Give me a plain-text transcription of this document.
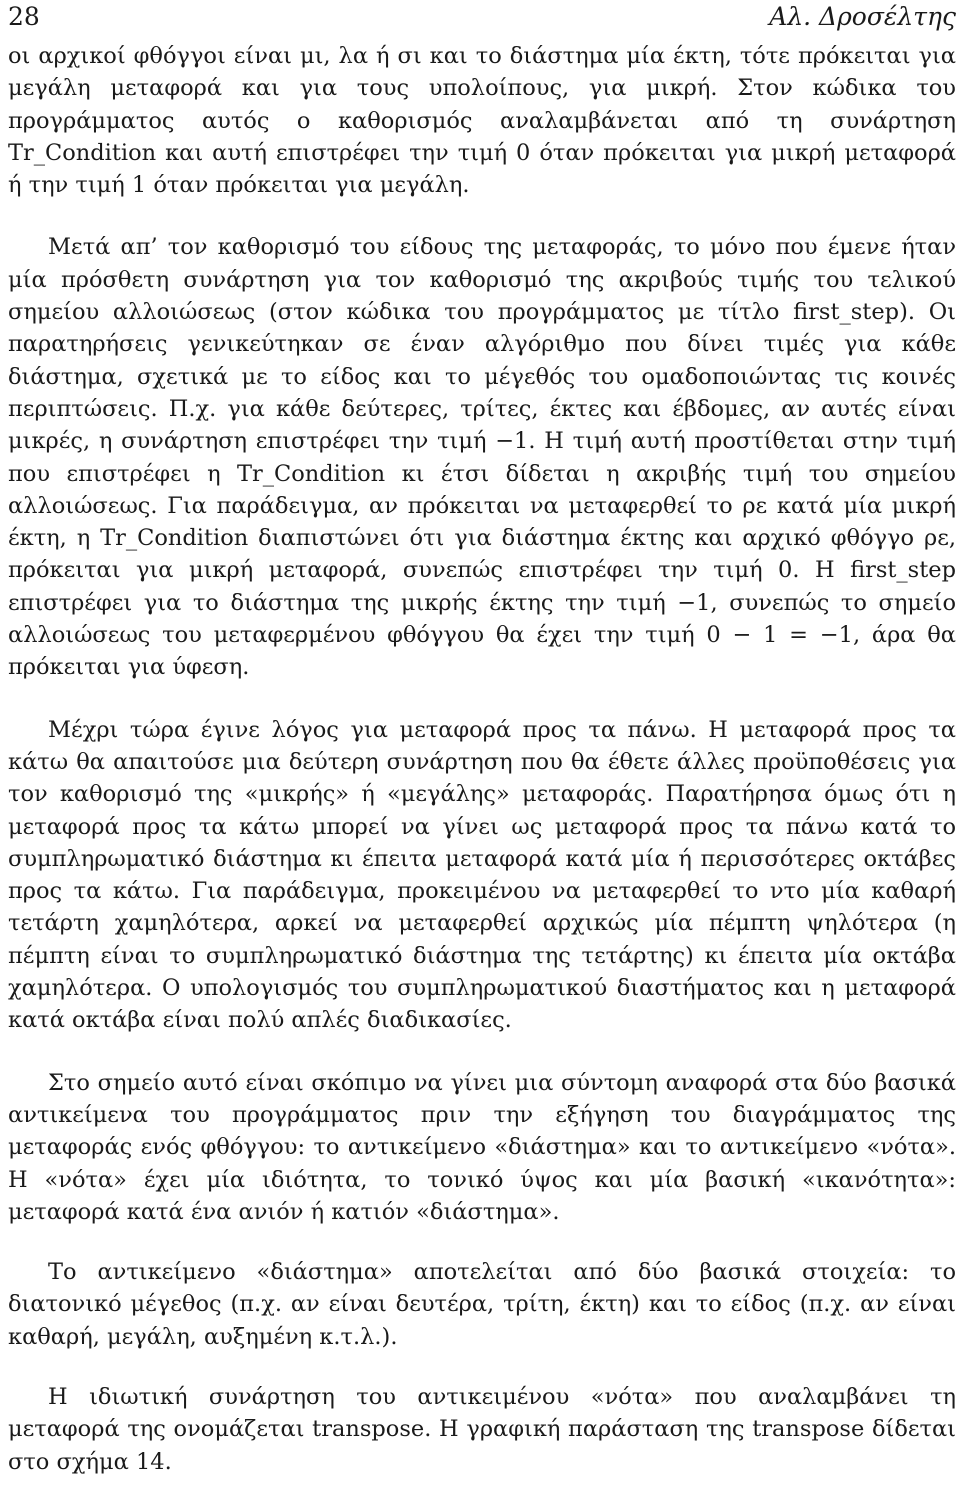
28	Αλ. Δροσέλτης

οι αρχικοί φθόγγοι είναι μι, λα ή σι και το διάστημα μία έκτη, τότε πρόκειται για μεγάλη μεταφορά και για τους υπολοίπους, για μικρή. Στον κώδικα του προγράμματος αυτός ο καθορισμός αναλαμβάνεται από τη συνάρτηση Tr_Condition και αυτή επιστρέφει την τιμή 0 όταν πρόκειται για μικρή μεταφορά ή την τιμή 1 όταν πρόκειται για μεγάλη.

Μετά απ’ τον καθορισμό του είδους της μεταφοράς, το μόνο που έμενε ήταν μία πρόσθετη συνάρτηση για τον καθορισμό της ακριβούς τιμής του τελικού σημείου αλλοιώσεως (στον κώδικα του προγράμματος με τίτλο first_step). Οι παρατηρήσεις γενικεύτηκαν σε έναν αλγόριθμο που δίνει τιμές για κάθε διάστημα, σχετικά με το είδος και το μέγεθός του ομαδοποιώντας τις κοινές περιπτώσεις. Π.χ. για κάθε δεύτερες, τρίτες, έκτες και έβδομες, αν αυτές είναι μικρές, η συνάρτηση επιστρέφει την τιμή −1. Η τιμή αυτή προστίθεται στην τιμή που επιστρέφει η Tr_Condition κι έτσι δίδεται η ακριβής τιμή του σημείου αλλοιώσεως. Για παράδειγμα, αν πρόκειται να μεταφερθεί το ρε κατά μία μικρή έκτη, η Tr_Condition διαπιστώνει ότι για διάστημα έκτης και αρχικό φθόγγο ρε, πρόκειται για μικρή μεταφορά, συνεπώς επιστρέφει την τιμή 0. Η first_step επιστρέφει για το διάστημα της μικρής έκτης την τιμή −1, συνεπώς το σημείο αλλοιώσεως του μεταφερμένου φθόγγου θα έχει την τιμή 0 − 1 = −1, άρα θα πρόκειται για ύφεση.

Μέχρι τώρα έγινε λόγος για μεταφορά προς τα πάνω. Η μεταφορά προς τα κάτω θα απαιτούσε μια δεύτερη συνάρτηση που θα έθετε άλλες προϋποθέσεις για τον καθορισμό της «μικρής» ή «μεγάλης» μεταφοράς. Παρατήρησα όμως ότι η μεταφορά προς τα κάτω μπορεί να γίνει ως μεταφορά προς τα πάνω κατά το συμπληρωματικό διάστημα κι έπειτα μεταφορά κατά μία ή περισσότερες οκτάβες προς τα κάτω. Για παράδειγμα, προκειμένου να μεταφερθεί το ντο μία καθαρή τετάρτη χαμηλότερα, αρκεί να μεταφερθεί αρχικώς μία πέμπτη ψηλότερα (η πέμπτη είναι το συμπληρωματικό διάστημα της τετάρτης) κι έπειτα μία οκτάβα χαμηλότερα. Ο υπολογισμός του συμπληρωματικού διαστήματος και η μεταφορά κατά οκτάβα είναι πολύ απλές διαδικασίες.

Στο σημείο αυτό είναι σκόπιμο να γίνει μια σύντομη αναφορά στα δύο βασικά αντικείμενα του προγράμματος πριν την εξήγηση του διαγράμματος της μεταφοράς ενός φθόγγου: το αντικείμενο «διάστημα» και το αντικείμενο «νότα». Η «νότα» έχει μία ιδιότητα, το τονικό ύψος και μία βασική «ικανότητα»: μεταφορά κατά ένα ανιόν ή κατιόν «διάστημα».

Το αντικείμενο «διάστημα» αποτελείται από δύο βασικά στοιχεία: το διατονικό μέγεθος (π.χ. αν είναι δευτέρα, τρίτη, έκτη) και το είδος (π.χ. αν είναι καθαρή, μεγάλη, αυξημένη κ.τ.λ.).

Η ιδιωτική συνάρτηση του αντικειμένου «νότα» που αναλαμβάνει τη μεταφορά της ονομάζεται transpose. Η γραφική παράσταση της transpose δίδεται στο σχήμα 14.
